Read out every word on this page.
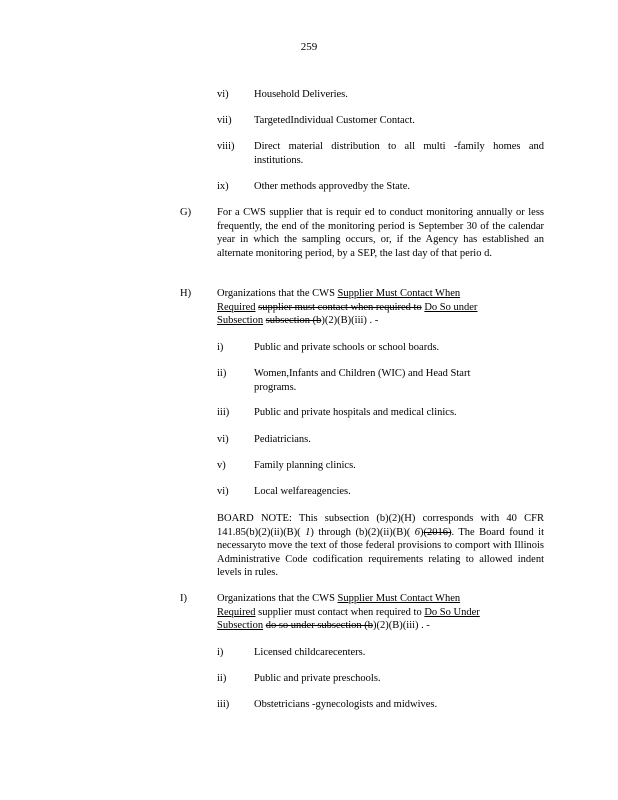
259
vi) Household Deliveries.
vii) TargetedIndividual Customer Contact.
viii) Direct material distribution to all multi -family homes and institutions.
ix) Other methods approvedby the State.
G) For a CWS supplier that is requir ed to conduct monitoring annually or less frequently, the end of the monitoring period is September 30 of the calendar year in which the sampling occurs, or, if the Agency has established an alternate monitoring period, by a SEP, the last day of that perio d.
H) Organizations that the CWS Supplier Must Contact When
Required supplier must contact when required to Do So under
Subsection subsection (b)(2)(B)(iii) . -
i)	Public and private schools or school boards.
ii)	Women,Infants and Children (WIC) and Head Start programs.
iii) Public and private hospitals and medical clinics.
vi) Pediatricians.
v)	Family planning clinics.
vi) Local welfareagencies.
BOARD NOTE: This subsection (b)(2)(H) corresponds with 40 CFR 141.85(b)(2)(ii)(B)( 1) through (b)(2)(ii)(B)( 6)(2016). The Board found it necessaryto move the text of those federal provisions to comport with Illinois Administrative Code codification requirements relating to allowed indent levels in rules.
I)	Organizations that the CWS Supplier Must Contact When
Required supplier must contact when required to Do So Under
Subsection do so under subsection (b)(2)(B)(iii) . -
i)	Licensed childcarecenters.
ii)	Public and private preschools.
iii) Obstetricians -gynecologists and midwives.
